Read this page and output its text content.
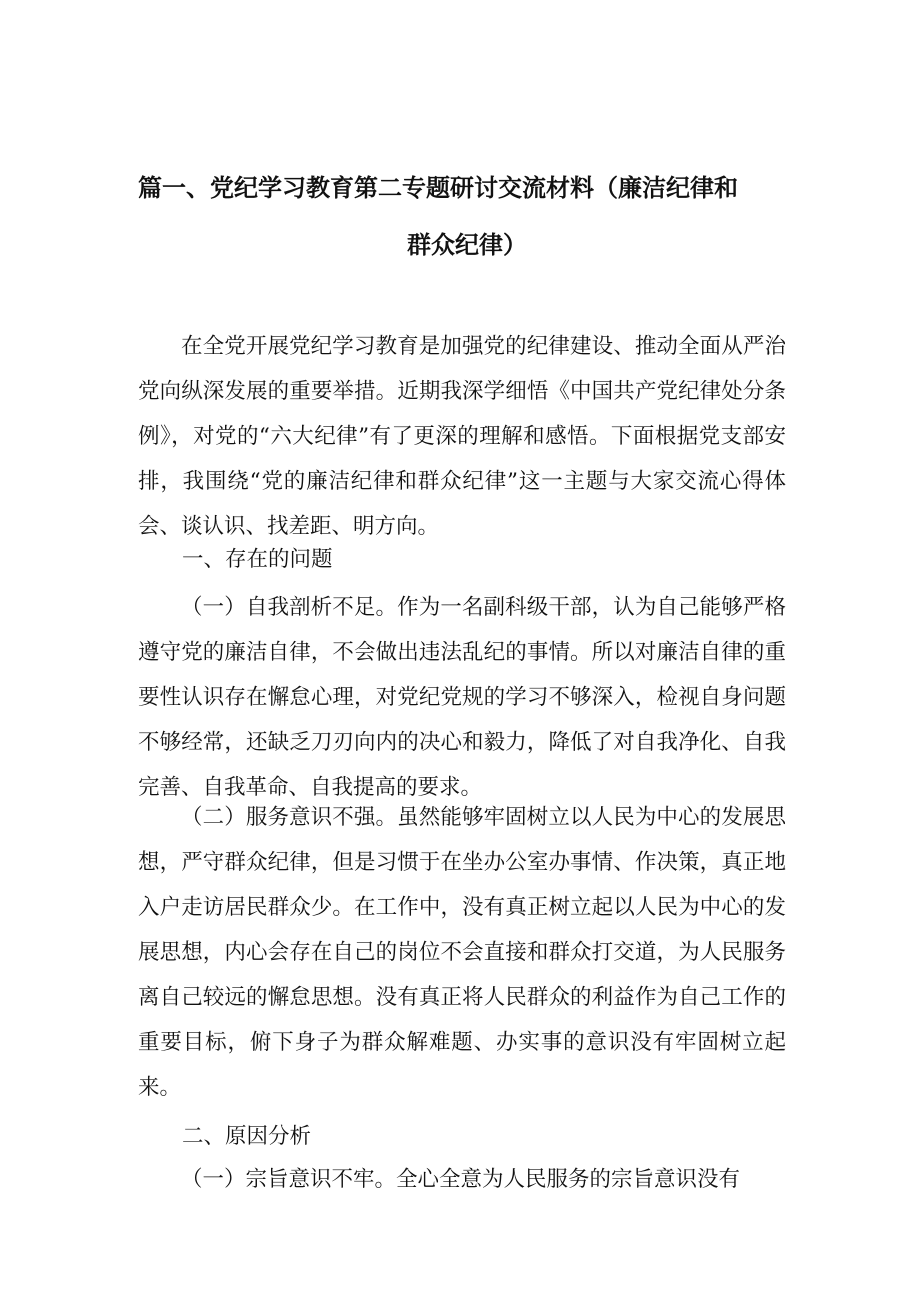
篇一、党纪学习教育第二专题研讨交流材料（廉洁纪律和
群众纪律）

在全党开展党纪学习教育是加强党的纪律建设、推动全面从严治党向纵深发展的重要举措。近期我深学细悟《中国共产党纪律处分条例》，对党的“六大纪律”有了更深的理解和感悟。下面根据党支部安排，我围绕“党的廉洁纪律和群众纪律”这一主题与大家交流心得体会、谈认识、找差距、明方向。

一、存在的问题

（一）自我剖析不足。作为一名副科级干部，认为自己能够严格遵守党的廉洁自律，不会做出违法乱纪的事情。所以对廉洁自律的重要性认识存在懈怠心理，对党纪党规的学习不够深入，检视自身问题不够经常，还缺乏刀刃向内的决心和毅力，降低了对自我净化、自我完善、自我革命、自我提高的要求。

（二）服务意识不强。虽然能够牢固树立以人民为中心的发展思想，严守群众纪律，但是习惯于在坐办公室办事情、作决策，真正地入户走访居民群众少。在工作中，没有真正树立起以人民为中心的发展思想，内心会存在自己的岗位不会直接和群众打交道，为人民服务离自己较远的懈怠思想。没有真正将人民群众的利益作为自己工作的重要目标，俯下身子为群众解难题、办实事的意识没有牢固树立起来。

二、原因分析

（一）宗旨意识不牢。全心全意为人民服务的宗旨意识没有
